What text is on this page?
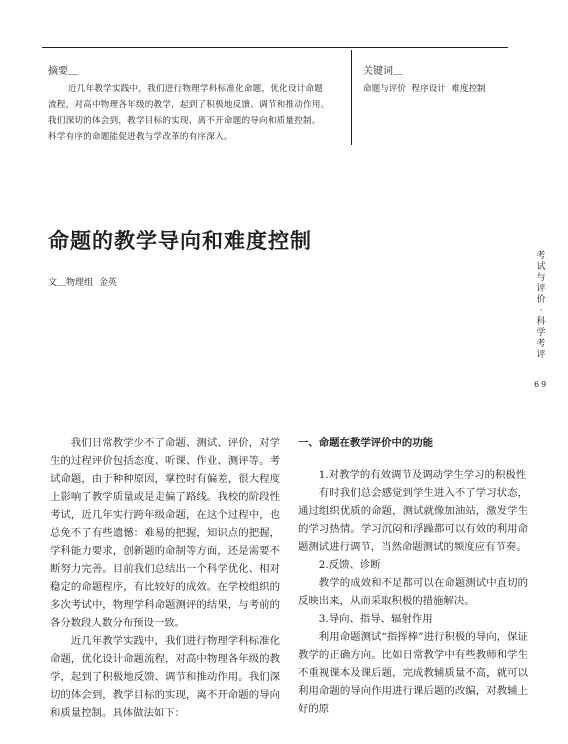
摘要＿
近几年教学实践中，我们进行物理学科标准化命题，优化设计命题
流程，对高中物理各年级的教学，起到了积极地反馈、调节和推动作用。
我们深切的体会到，教学目标的实现，离不开命题的导向和质量控制。
科学有序的命题能促进教与学改革的有序深入。
关键词＿
命题与评价  程序设计  难度控制
命题的教学导向和难度控制
文＿物理组  金英
考
试
与
评
价
·
科
学
考
评
69

我们日常教学少不了命题、测试、评价，对学生的过程评价包括态度、听课、作业、测评等。考试命题，由于种种原因，掌控时有偏差，很大程度上影响了教学质量或是走偏了路线。我校的阶段性考试，近几年实行跨年级命题，在这个过程中，也总免不了有些遗憾：难易的把握，知识点的把握，学科能力要求，创新题的命制等方面，还是需要不断努力完善。目前我们总结出一个科学优化、相对稳定的命题程序，有比较好的成效。在学校组织的多次考试中，物理学科命题测评的结果，与考前的各分数段人数分布预设一致。

近几年教学实践中，我们进行物理学科标准化命题，优化设计命题流程，对高中物理各年级的教学，起到了积极地反馈、调节和推动作用。我们深切的体会到，教学目标的实现，离不开命题的导向和质量控制。具体做法如下：

一、命题在教学评价中的功能

1.对教学的有效调节及调动学生学习的积极性

有时我们总会感觉到学生进入不了学习状态，通过组织优质的命题，测试就像加油站，激发学生的学习热情。学习沉闷和浮躁都可以有效的利用命题测试进行调节，当然命题测试的频度应有节奏。

2.反馈、诊断

教学的成效和不足都可以在命题测试中直切的反映出来，从而采取积极的措施解决。

3.导向、指导、辐射作用

利用命题测试“指挥棒”进行积极的导向，保证教学的正确方向。比如日常教学中有些教师和学生不重视课本及课后题，完成教辅质量不高，就可以利用命题的导向作用进行课后题的改编，对教辅上好的原
